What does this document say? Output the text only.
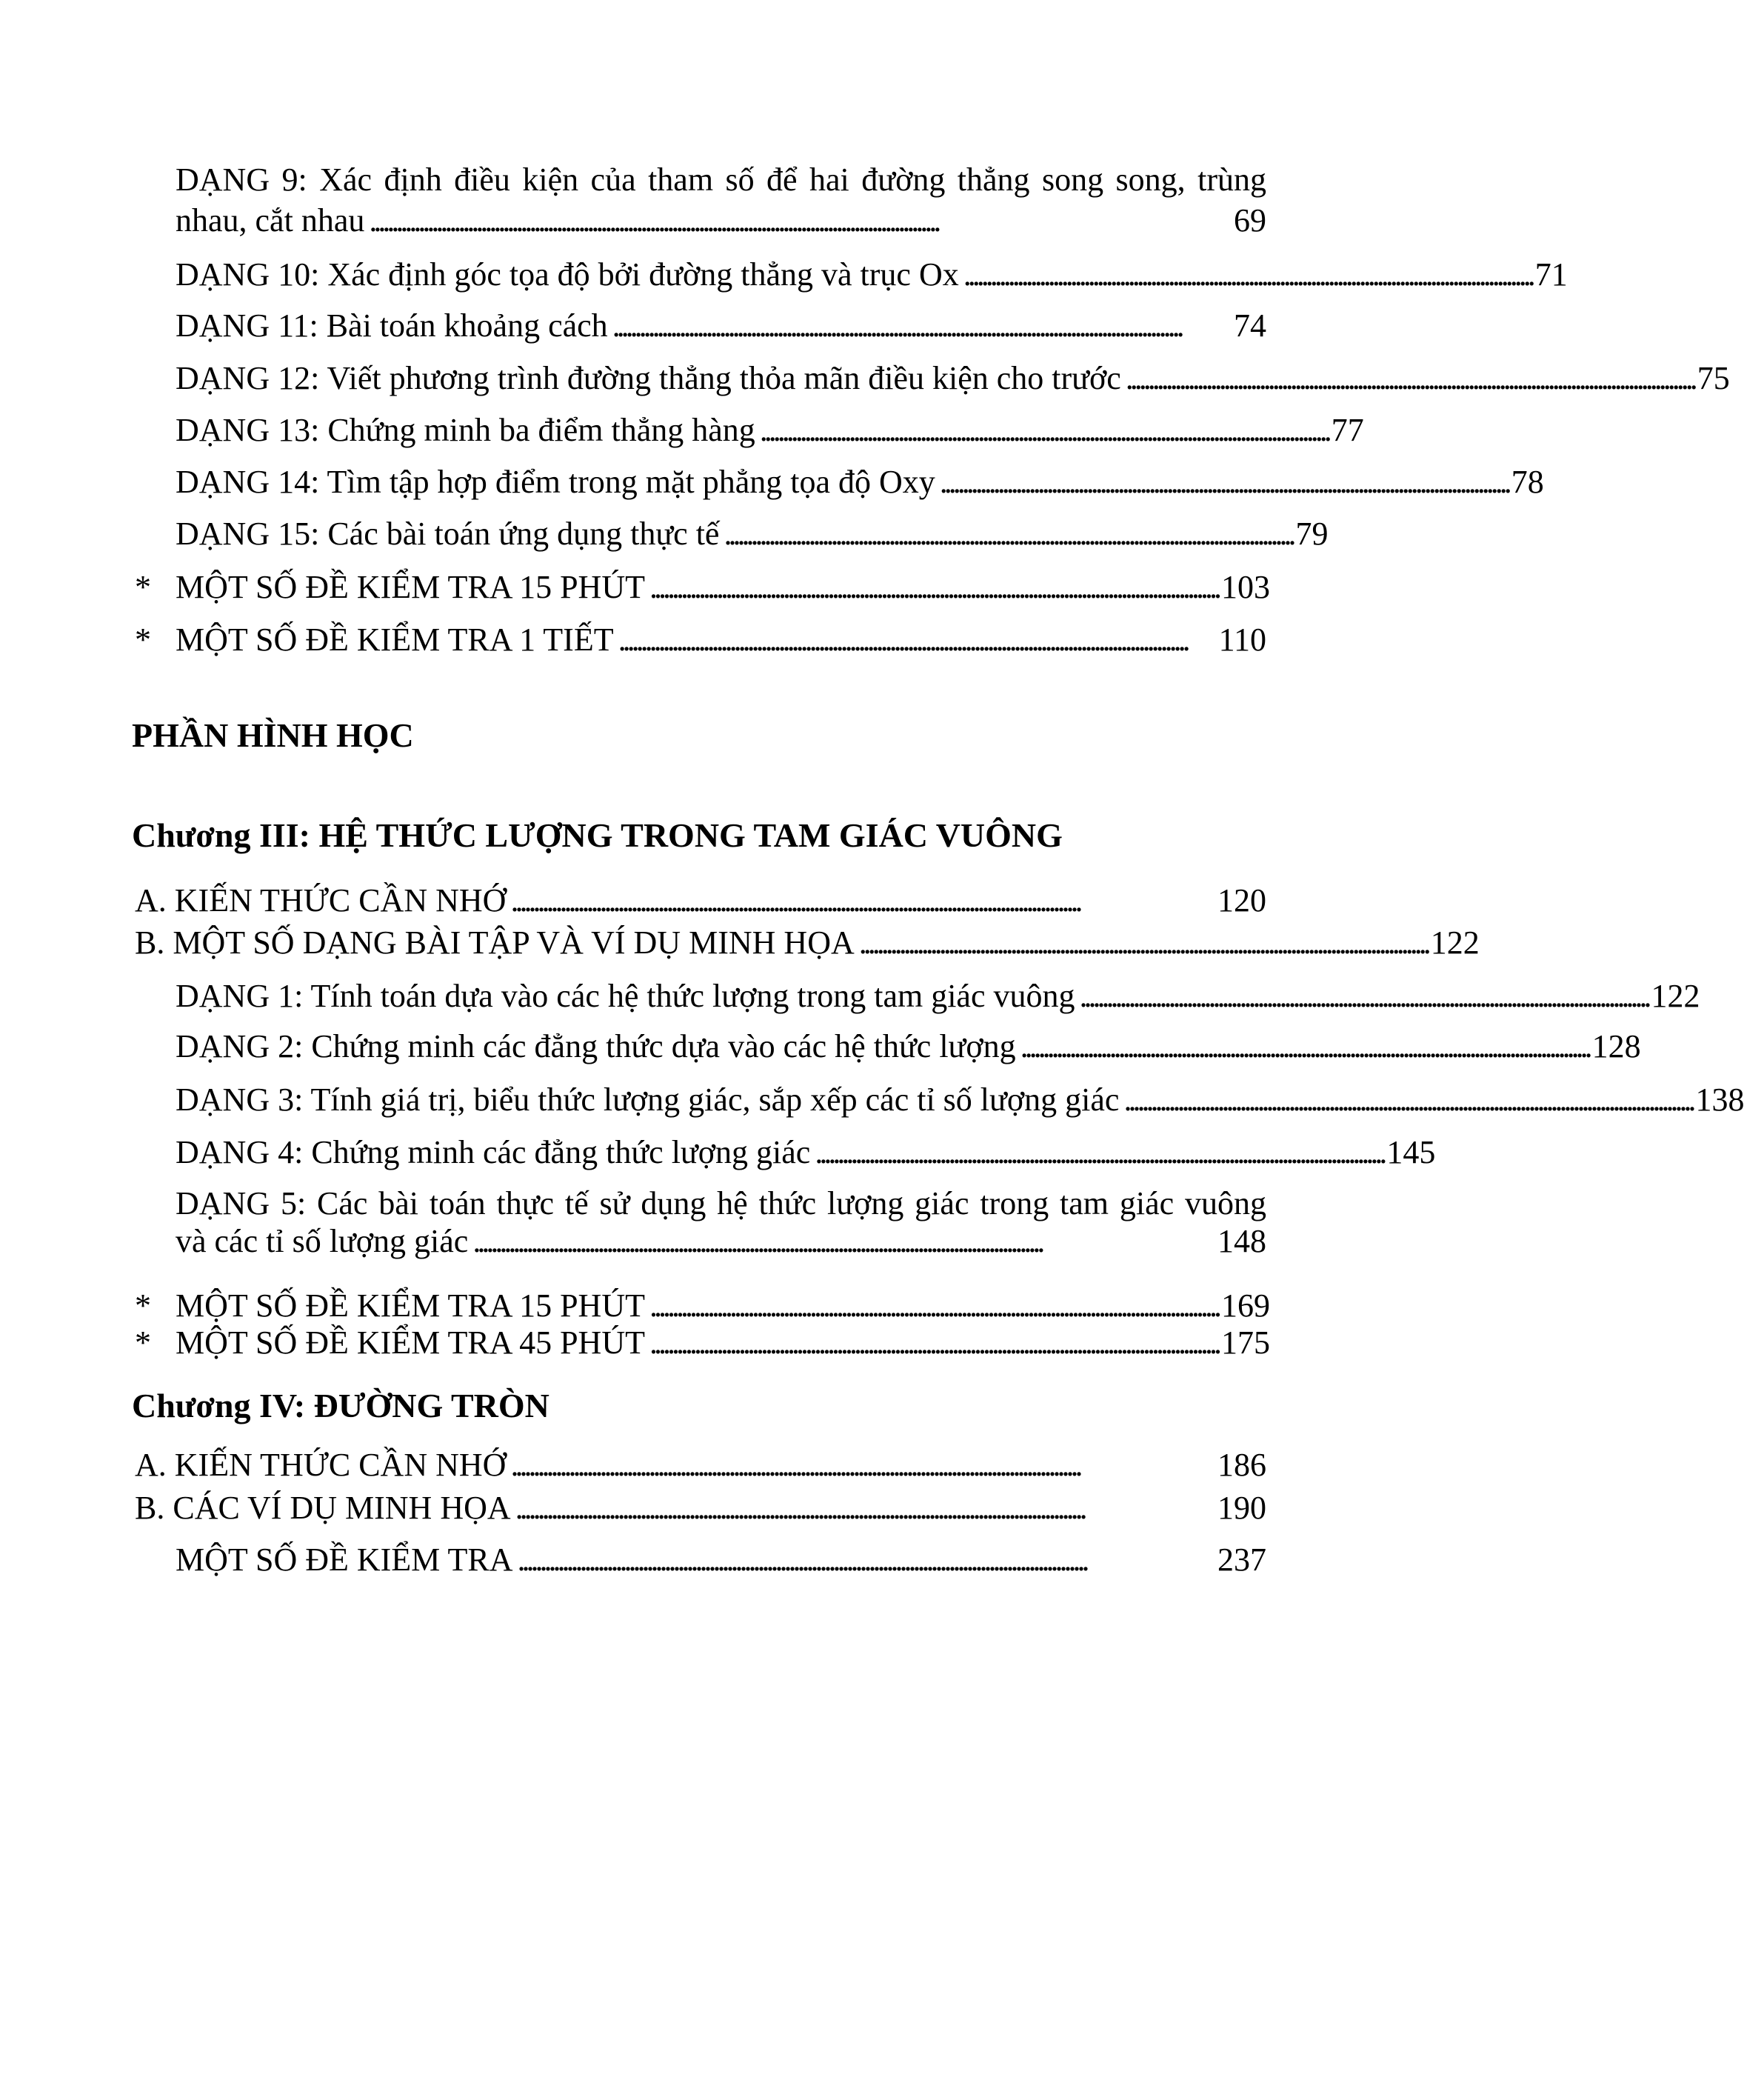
DẠNG 9: Xác định điều kiện của tham số để hai đường thẳng song song, trùng
nhau, cắt nhau . . .	69
DẠNG 10: Xác định góc tọa độ bởi đường thẳng và trục Ox . . .	71
DẠNG 11: Bài toán khoảng cách . . .	74
DẠNG 12: Viết phương trình đường thẳng thỏa mãn điều kiện cho trước . . .	75
DẠNG 13: Chứng minh ba điểm thẳng hàng . . .	77
DẠNG 14: Tìm tập hợp điểm trong mặt phẳng tọa độ Oxy . . .	78
DẠNG 15: Các bài toán ứng dụng thực tế . . .	79
* MỘT SỐ ĐỀ KIỂM TRA 15 PHÚT . . .	103
* MỘT SỐ ĐỀ KIỂM TRA 1 TIẾT . . .	110
PHẦN HÌNH HỌC
Chương III: HỆ THỨC LƯỢNG TRONG TAM GIÁC VUÔNG
A. KIẾN THỨC CẦN NHỚ . . .	120
B. MỘT SỐ DẠNG BÀI TẬP VÀ VÍ DỤ MINH HỌA . . .	122
DẠNG 1: Tính toán dựa vào các hệ thức lượng trong tam giác vuông . . .	122
DẠNG 2: Chứng minh các đẳng thức dựa vào các hệ thức lượng . . .	128
DẠNG 3: Tính giá trị, biểu thức lượng giác, sắp xếp các tỉ số lượng giác . . .	138
DẠNG 4: Chứng minh các đẳng thức lượng giác . . .	145
DẠNG 5: Các bài toán thực tế sử dụng hệ thức lượng giác trong tam giác vuông
và các tỉ số lượng giác . . .	148
* MỘT SỐ ĐỀ KIỂM TRA 15 PHÚT . . .	169
* MỘT SỐ ĐỀ KIỂM TRA 45 PHÚT . . .	175
Chương IV: ĐƯỜNG TRÒN
A. KIẾN THỨC CẦN NHỚ . . .	186
B. CÁC VÍ DỤ MINH HỌA . . .	190
MỘT SỐ ĐỀ KIỂM TRA . . .	237
